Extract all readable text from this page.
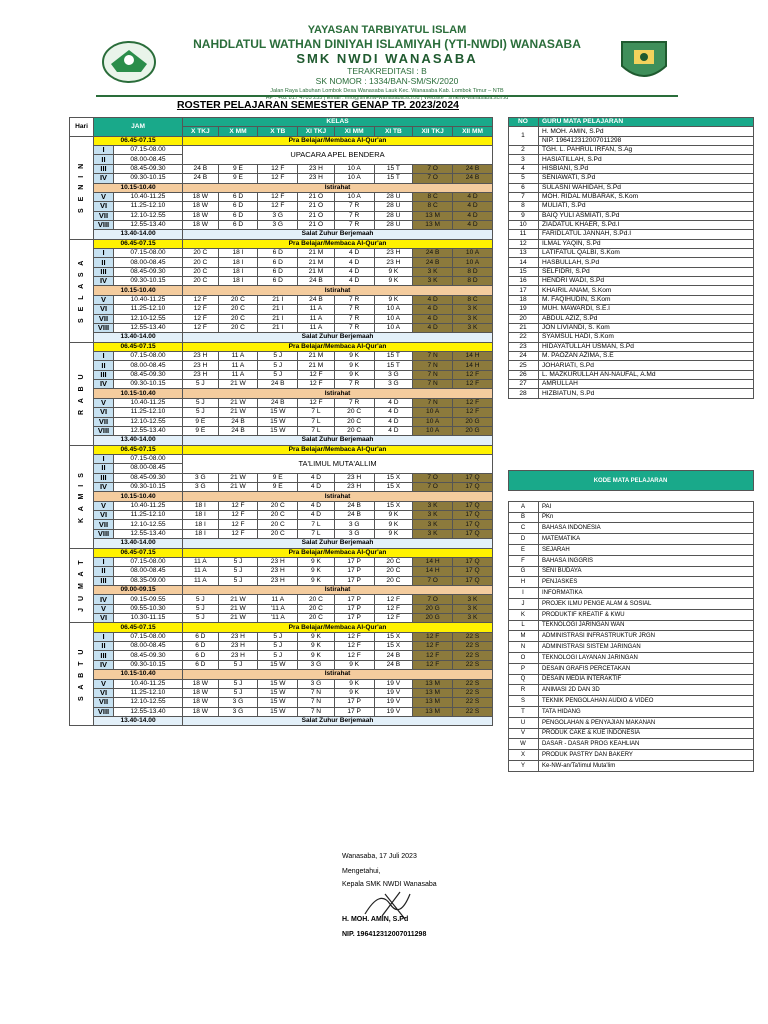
YAYASAN TARBIYATUL ISLAM
NAHDLATUL WATHAN DINIYAH ISLAMIYAH (YTI-NWDI) WANASABA
SMK NWDI WANASABA
TERAKREDITASI : B
SK NOMOR : 1334/BAN-SM/SK/2020
Jalan Raya Labuhan Lombok Desa Wanasaba Lauk Kec. Wanasaba Kab. Lombok Timur – NTB
HP : +62 817 4705 255 | Email : info@smknw-wanasaba.sch.id | Website : smknw-wanasaba.sch.id
ROSTER PELAJARAN SEMESTER GENAP TP. 2023/2024
Hari	JAM		KELAS							
			X TKJ	X MM	X TB	XI TKJ	XI MM	XI TB	XII TKJ	XII MM
S E N I N	06.45-07.15		Pra Belajar/Membaca Al-Qur'an							
	I	07.15-08.00	UPACARA APEL BENDERA							
	II	08.00-08.45								
	III	08.45-09.30	24 B	9 E	12 F	23 H	10 A	15 T	7 O	24 B
	IV	09.30-10.15	24 B	9 E	12 F	23 H	10 A	15 T	7 O	24 B
	10.15-10.40		Istirahat							
	V	10.40-11.25	18 W	6 D	12 F	21 O	10 A	28 U	8 C	4 D
	VI	11.25-12.10	18 W	6 D	12 F	21 O	7 R	28 U	8 C	4 D
	VII	12.10-12.55	18 W	6 D	3 G	21 O	7 R	28 U	13 M	4 D
	VIII	12.55-13.40	18 W	6 D	3 G	21 O	7 R	28 U	13 M	4 D
	13.40-14.00		Salat Zuhur Berjemaah							
S E L A S A	06.45-07.15		Pra Belajar/Membaca Al-Qur'an							
	I	07.15-08.00	20 C	18 I	6 D	21 M	4 D	23 H	24 B	10 A
	II	08.00-08.45	20 C	18 I	6 D	21 M	4 D	23 H	24 B	10 A
	III	08.45-09.30	20 C	18 I	6 D	21 M	4 D	9 K	3 K	8 D
	IV	09.30-10.15	20 C	18 I	6 D	24 B	4 D	9 K	3 K	8 D
	10.15-10.40		Istirahat							
	V	10.40-11.25	12 F	20 C	21 I	24 B	7 R	9 K	4 D	8 C
	VI	11.25-12.10	12 F	20 C	21 I	11 A	7 R	10 A	4 D	3 K
	VII	12.10-12.55	12 F	20 C	21 I	11 A	7 R	10 A	4 D	3 K
	VIII	12.55-13.40	12 F	20 C	21 I	11 A	7 R	10 A	4 D	3 K
	13.40-14.00		Salat Zuhur Berjemaah							
R A B U	06.45-07.15		Pra Belajar/Membaca Al-Qur'an							
	I	07.15-08.00	23 H	11 A	5 J	21 M	9 K	15 T	7 N	14 H
	II	08.00-08.45	23 H	11 A	5 J	21 M	9 K	15 T	7 N	14 H
	III	08.45-09.30	23 H	11 A	5 J	12 F	9 K	3 G	7 N	12 F
	IV	09.30-10.15	5 J	21 W	24 B	12 F	7 R	3 G	7 N	12 F
	10.15-10.40		Istirahat							
	V	10.40-11.25	5 J	21 W	24 B	12 F	7 R	4 D	7 N	12 F
	VI	11.25-12.10	5 J	21 W	15 W	7 L	20 C	4 D	10 A	12 F
	VII	12.10-12.55	9 E	24 B	15 W	7 L	20 C	4 D	10 A	20 G
	VIII	12.55-13.40	9 E	24 B	15 W	7 L	20 C	4 D	10 A	20 G
	13.40-14.00		Salat Zuhur Berjemaah							
K A M I S	06.45-07.15		Pra Belajar/Membaca Al-Qur'an							
	I	07.15-08.00	TA'LIMUL MUTA'ALLIM							
	II	08.00-08.45								
	III	08.45-09.30	3 G	21 W	9 E	4 D	23 H	15 X	7 O	17 Q
	IV	09.30-10.15	3 G	21 W	9 E	4 D	23 H	15 X	7 O	17 Q
	10.15-10.40		Istirahat							
	V	10.40-11.25	18 I	12 F	20 C	4 D	24 B	15 X	3 K	17 Q
	VI	11.25-12.10	18 I	12 F	20 C	4 D	24 B	9 K	3 K	17 Q
	VII	12.10-12.55	18 I	12 F	20 C	7 L	3 G	9 K	3 K	17 Q
	VIII	12.55-13.40	18 I	12 F	20 C	7 L	3 G	9 K	3 K	17 Q
	13.40-14.00		Salat Zuhur Berjemaah							
J U M A T	06.45-07.15		Pra Belajar/Membaca Al-Qur'an							
	I	07.15-08.00	11 A	5 J	23 H	9 K	17 P	20 C	14 H	17 Q
	II	08.00-08.45	11 A	5 J	23 H	9 K	17 P	20 C	14 H	17 Q
	III	08.35-09.00	11 A	5 J	23 H	9 K	17 P	20 C	7 O	17 Q
	09.00-09.15		Istirahat							
	IV	09.15-09.55	5 J	21 W	11 A	20 C	17 P	12 F	7 O	3 K
	V	09.55-10.30	5 J	21 W	'11 A	20 C	17 P	12 F	20 G	3 K
	VI	10.30-11.15	5 J	21 W	'11 A	20 C	17 P	12 F	20 G	3 K
S A B T U	06.45-07.15		Pra Belajar/Membaca Al-Qur'an							
	I	07.15-08.00	6 D	23 H	5 J	9 K	12 F	15 X	12 F	22 S
	II	08.00-08.45	6 D	23 H	5 J	9 K	12 F	15 X	12 F	22 S
	III	08.45-09.30	6 D	23 H	5 J	9 K	12 F	24 B	12 F	22 S
	IV	09.30-10.15	6 D	5 J	15 W	3 G	9 K	24 B	12 F	22 S
	10.15-10.40		Istirahat							
	V	10.40-11.25	18 W	5 J	15 W	3 G	9 K	19 V	13 M	22 S
	VI	11.25-12.10	18 W	5 J	15 W	7 N	9 K	19 V	13 M	22 S
	VII	12.10-12.55	18 W	3 G	15 W	7 N	17 P	19 V	13 M	22 S
	VIII	12.55-13.40	18 W	3 G	15 W	7 N	17 P	19 V	13 M	22 S
	13.40-14.00		Salat Zuhur Berjemaah							
NO	GURU MATA PELAJARAN
1	H. MOH. AMIN, S.Pd
	NIP. 196412312007011298
2	TGH. L. PAHRUL IRFAN, S.Ag
3	HASIATILLAH, S.Pd
4	HISBIANI, S.Pd
5	SENIAWATI, S.Pd
6	SULASNI WAHIDAH, S.Pd
7	MOH. RIDAL MUBARAK, S.Kom
8	MULIATI, S.Pd
9	BAIQ YULI ASMIATI, S.Pd
10	ZIADATUL KHAER, S.Pd.I
11	FARIDLATUL JANNAH, S.Pd.I
12	ILMAL YAQIN, S.Pd
13	LATIFATUL QALBI, S.Kom
14	HASBULLAH, S.Pd
15	SELFIDRI, S.Pd
16	HENDRI WADI, S.Pd
17	KHAIRIL ANAM, S.Kom
18	M. FAQIHUDIN, S.Kom
19	MUH. MAWARDI, S.E.I
20	ABDUL AZIZ, S.Pd
21	JON LIVIANDI, S. Kom
22	SYAMSUL HADI, S.Kom
23	HIDAYATULLAH USMAN, S.Pd
24	M. PAOZAN AZIMA, S.E
25	JOHARIATI, S.Pd
26	L. MAZKURULLAH AN-NAUFAL, A.Md
27	AMRULLAH
28	HIZBIATUN, S.Pd
KODE MATA PELAJARAN	

A	PAI
B	PKn
C	BAHASA INDONESIA
D	MATEMATIKA
E	SEJARAH
F	BAHASA INGGRIS
G	SENI BUDAYA
H	PENJASKES
I	INFORMATIKA
J	PROJEK ILMU PENGE ALAM & SOSIAL
K	PRODUKTIF KREATIF & KWU
L	TEKNOLOGI JARINGAN WAN
M	ADMINISTRASI INFRASTRUKTUR JRGN
N	ADMINISTRASI SISTEM JARINGAN
O	TEKNOLOGI LAYANAN JARINGAN
P	DESAIN GRAFIS PERCETAKAN
Q	DESAIN MEDIA INTERAKTIF
R	ANIMASI 2D DAN 3D
S	TEKNIK PENGOLAHAN AUDIO & VIDEO
T	TATA HIDANG
U	PENGOLAHAN & PENYAJIAN MAKANAN
V	PRODUK CAKE & KUE INDONESIA
W	DASAR - DASAR PROG KEAHLIAN
X	PRODUK PASTRY DAN BAKERY
Y	Ke-NW-an/Ta'limul Muta'lim
Wanasaba, 17 Juli 2023
Mengetahui,
Kepala SMK NWDI Wanasaba
H. MOH. AMIN, S.Pd
NIP. 196412312007011298
